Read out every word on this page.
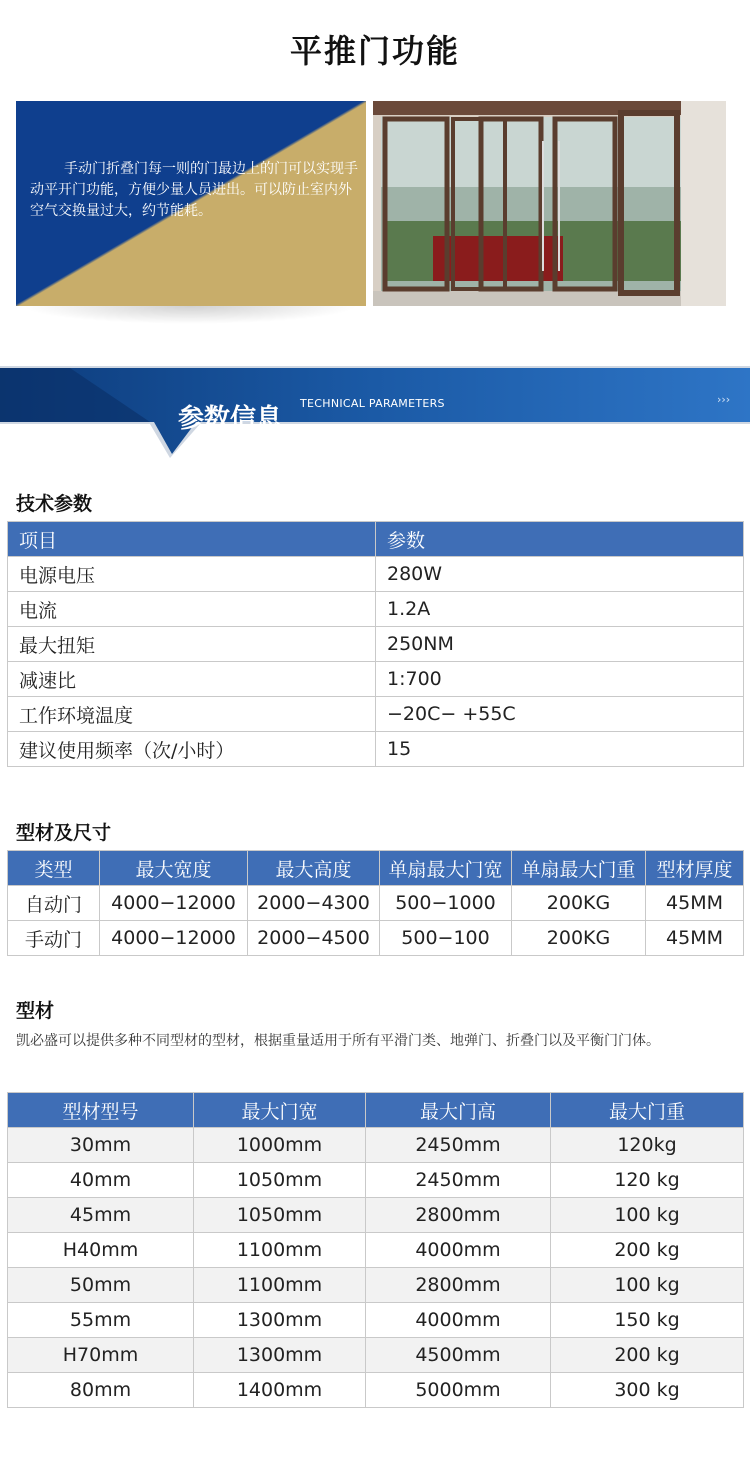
平推门功能
手动门折叠门每一则的门最边上的门可以实现手动平开门功能，方便少量人员进出。可以防止室内外空气交换量过大，约节能耗。
参数信息
TECHNICAL PARAMETERS	›››
技术参数
项目	参数
电源电压	280W
电流	1.2A
最大扭矩	250NM
减速比	1:700
工作环境温度	−20C− +55C
建议使用频率（次/小时）	15
型材及尺寸
类型	最大宽度	最大高度	单扇最大门宽	单扇最大门重	型材厚度
自动门	4000−12000	2000−4300	500−1000	200KG	45MM
手动门	4000−12000	2000−4500	500−100	200KG	45MM
型材
凯必盛可以提供多种不同型材的型材，根据重量适用于所有平滑门类、地弹门、折叠门以及平衡门门体。
型材型号	最大门宽	最大门高	最大门重
30mm	1000mm	2450mm	120kg
40mm	1050mm	2450mm	120 kg
45mm	1050mm	2800mm	100 kg
H40mm	1100mm	4000mm	200 kg
50mm	1100mm	2800mm	100 kg
55mm	1300mm	4000mm	150 kg
H70mm	1300mm	4500mm	200 kg
80mm	1400mm	5000mm	300 kg
